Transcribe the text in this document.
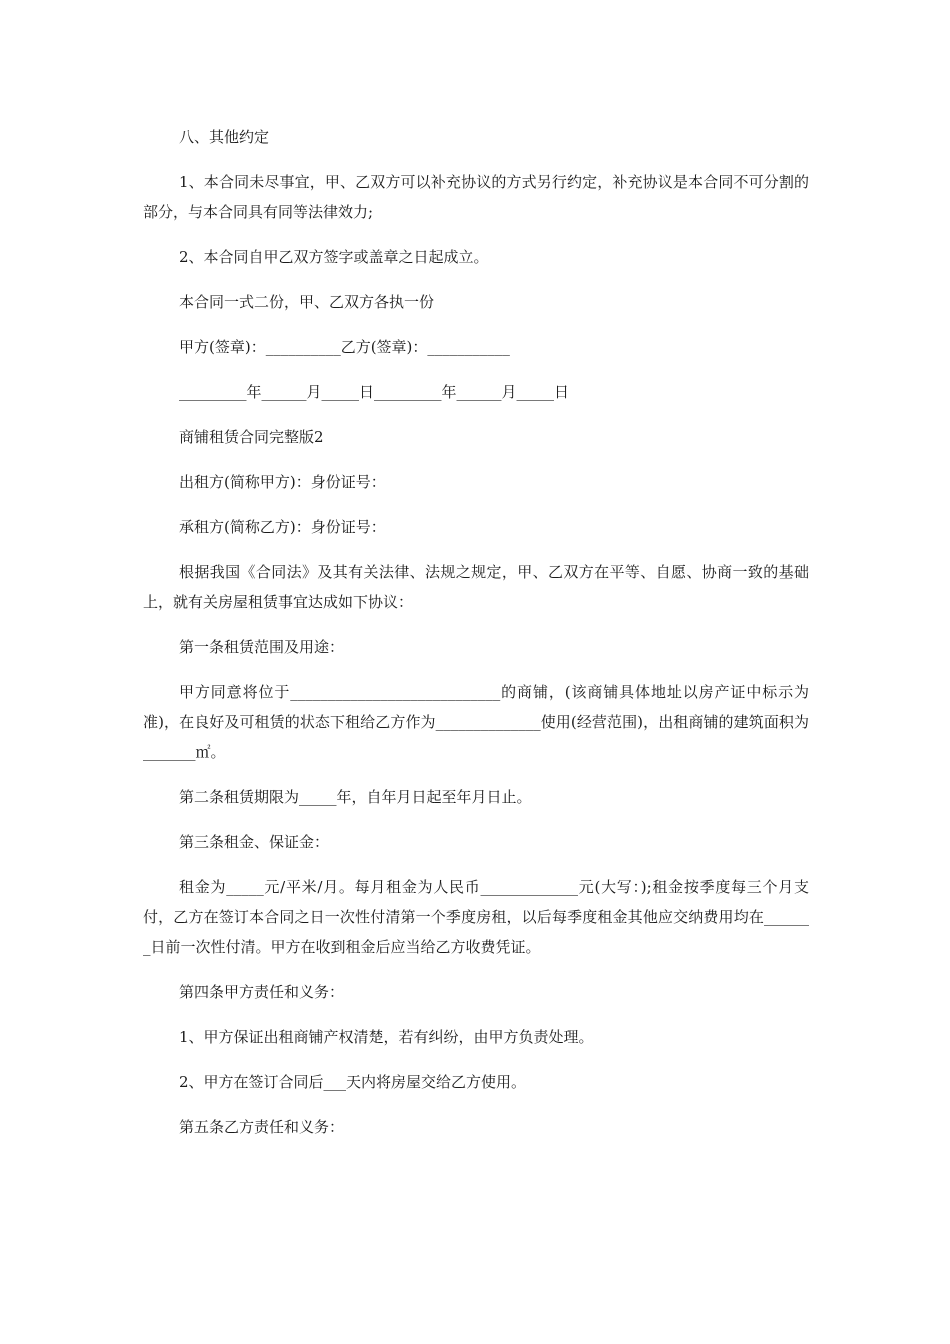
八、其他约定

1、本合同未尽事宜，甲、乙双方可以补充协议的方式另行约定，补充协议是本合同不可分割的部分，与本合同具有同等法律效力;

2、本合同自甲乙双方签字或盖章之日起成立。

本合同一式二份，甲、乙双方各执一份

甲方(签章)：__________乙方(签章)：___________

_________年______月_____日_________年______月_____日

商铺租赁合同完整版2

出租方(简称甲方)：身份证号：

承租方(简称乙方)：身份证号：

根据我国《合同法》及其有关法律、法规之规定，甲、乙双方在平等、自愿、协商一致的基础上，就有关房屋租赁事宜达成如下协议：

第一条租赁范围及用途：

甲方同意将位于____________________________的商铺，(该商铺具体地址以房产证中标示为准)，在良好及可租赁的状态下租给乙方作为______________使用(经营范围)，出租商铺的建筑面积为_______㎡。

第二条租赁期限为_____年，自年月日起至年月日止。

第三条租金、保证金：

租金为_____元/平米/月。每月租金为人民币_____________元(大写：);租金按季度每三个月支付，乙方在签订本合同之日一次性付清第一个季度房租，以后每季度租金其他应交纳费用均在_______日前一次性付清。甲方在收到租金后应当给乙方收费凭证。

第四条甲方责任和义务：

1、甲方保证出租商铺产权清楚，若有纠纷，由甲方负责处理。

2、甲方在签订合同后___天内将房屋交给乙方使用。

第五条乙方责任和义务：
